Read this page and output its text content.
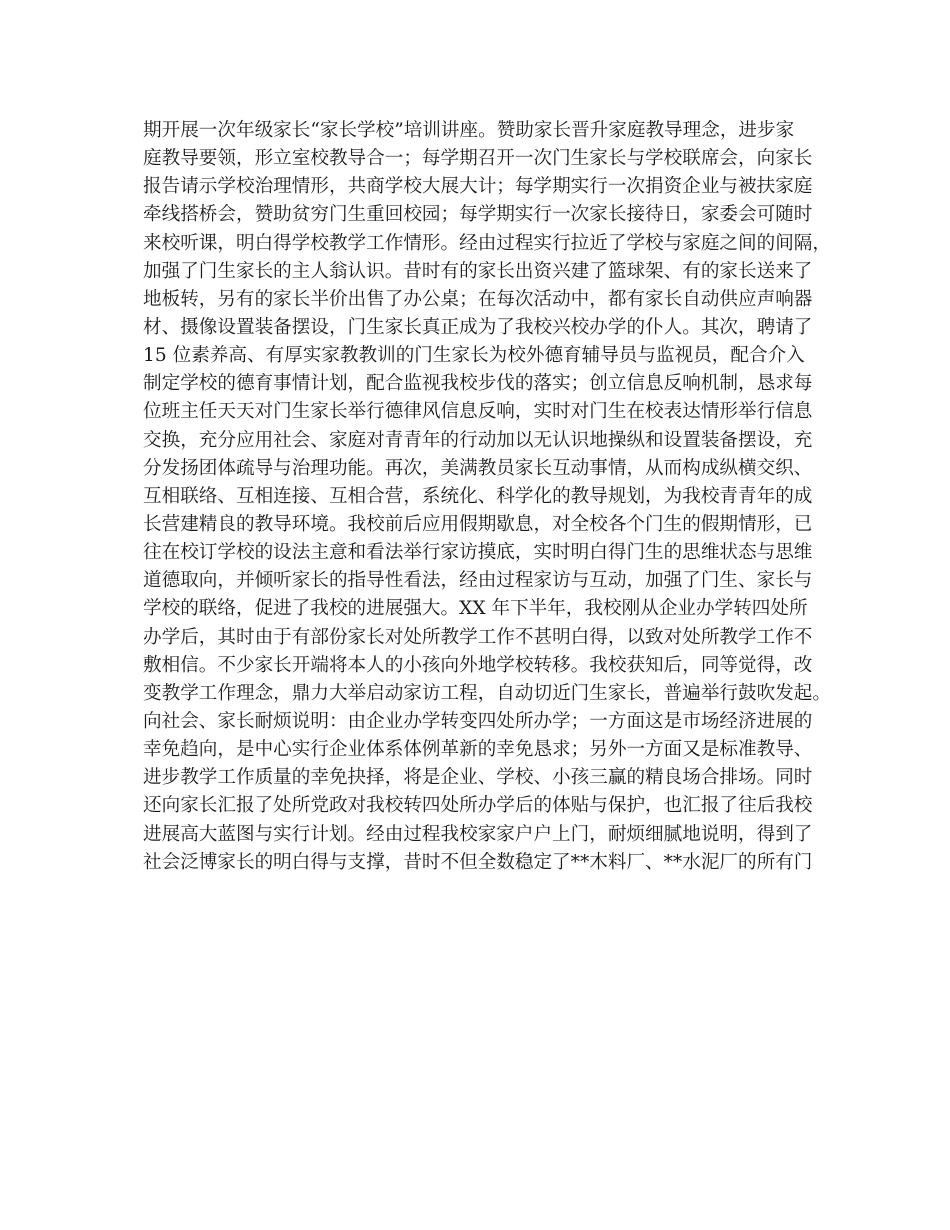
期开展一次年级家长“家长学校”培训讲座。赞助家长晋升家庭教导理念，进步家
庭教导要领，形立室校教导合一；每学期召开一次门生家长与学校联席会，向家长
报告请示学校治理情形，共商学校大展大计；每学期实行一次捐资企业与被扶家庭
牵线搭桥会，赞助贫穷门生重回校园；每学期实行一次家长接待日，家委会可随时
来校听课，明白得学校教学工作情形。经由过程实行拉近了学校与家庭之间的间隔，
加强了门生家长的主人翁认识。昔时有的家长出资兴建了篮球架、有的家长送来了
地板转，另有的家长半价出售了办公桌；在每次活动中，都有家长自动供应声响器
材、摄像设置装备摆设，门生家长真正成为了我校兴校办学的仆人。其次，聘请了
15 位素养高、有厚实家教教训的门生家长为校外德育辅导员与监视员，配合介入
制定学校的德育事情计划，配合监视我校步伐的落实；创立信息反响机制，恳求每
位班主任天天对门生家长举行德律风信息反响，实时对门生在校表达情形举行信息
交换，充分应用社会、家庭对青青年的行动加以无认识地操纵和设置装备摆设，充
分发扬团体疏导与治理功能。再次，美满教员家长互动事情，从而构成纵横交织、
互相联络、互相连接、互相合营，系统化、科学化的教导规划，为我校青青年的成
长营建精良的教导环境。我校前后应用假期歇息，对全校各个门生的假期情形，已
往在校订学校的设法主意和看法举行家访摸底，实时明白得门生的思维状态与思维
道德取向，并倾听家长的指导性看法，经由过程家访与互动，加强了门生、家长与
学校的联络，促进了我校的进展强大。XX 年下半年，我校刚从企业办学转四处所
办学后，其时由于有部份家长对处所教学工作不甚明白得，以致对处所教学工作不
敷相信。不少家长开端将本人的小孩向外地学校转移。我校获知后，同等觉得，改
变教学工作理念，鼎力大举启动家访工程，自动切近门生家长，普遍举行鼓吹发起。
向社会、家长耐烦说明：由企业办学转变四处所办学；一方面这是市场经济进展的
幸免趋向，是中心实行企业体系体例革新的幸免恳求；另外一方面又是标准教导、
进步教学工作质量的幸免抉择，将是企业、学校、小孩三赢的精良场合排场。同时
还向家长汇报了处所党政对我校转四处所办学后的体贴与保护，也汇报了往后我校
进展高大蓝图与实行计划。经由过程我校家家户户上门，耐烦细腻地说明，得到了
社会泛博家长的明白得与支撑，昔时不但全数稳定了**木料厂、**水泥厂的所有门
